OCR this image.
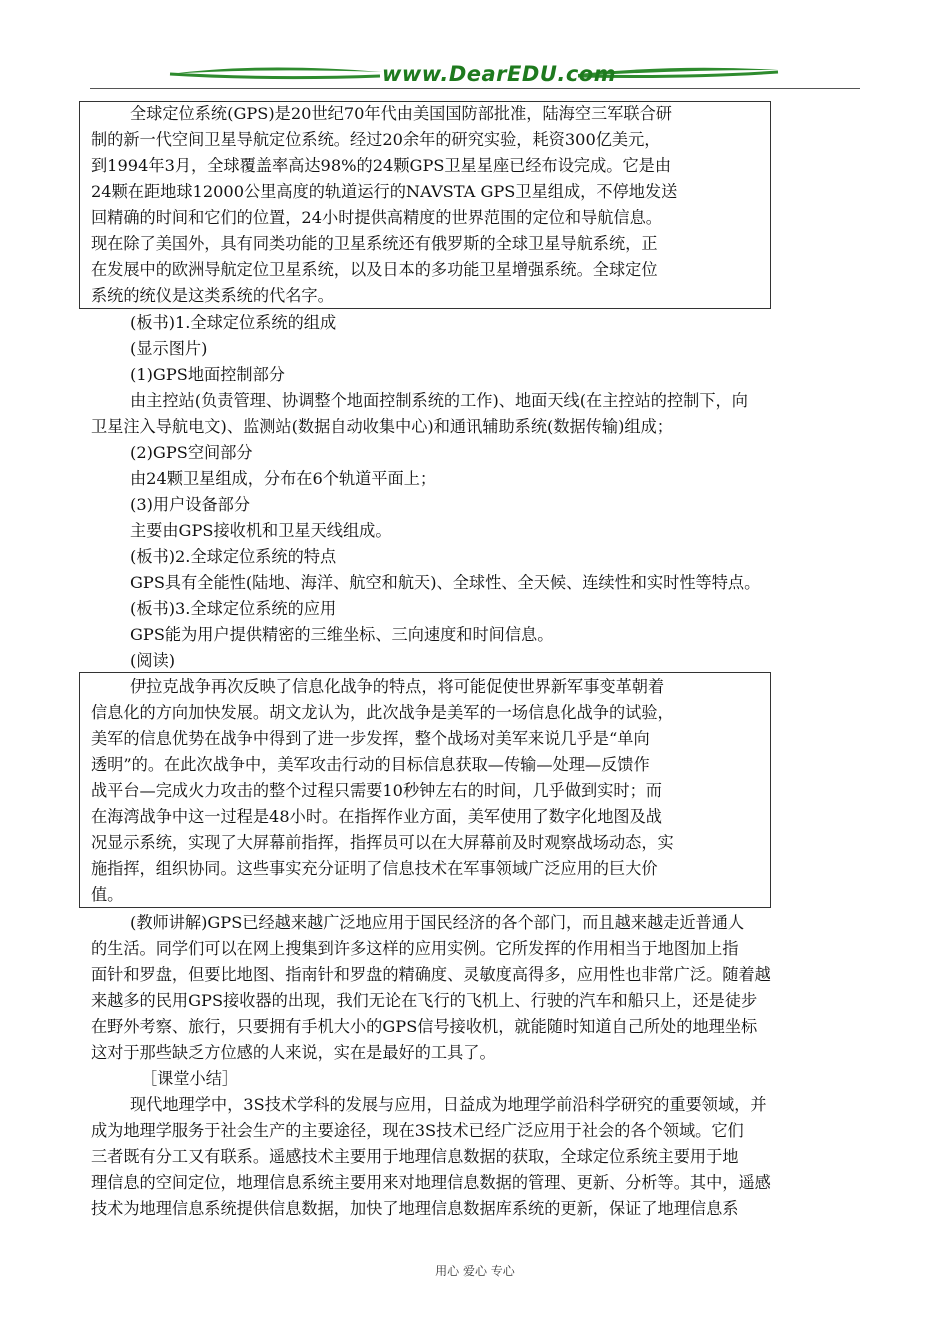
www.DearEDU.com
全球定位系统(GPS)是20世纪70年代由美国国防部批准，陆海空三军联合研
制的新一代空间卫星导航定位系统。经过20余年的研究实验，耗资300亿美元，
到1994年3月，全球覆盖率高达98%的24颗GPS卫星星座已经布设完成。它是由
24颗在距地球12000公里高度的轨道运行的NAVSTA GPS卫星组成，不停地发送
回精确的时间和它们的位置，24小时提供高精度的世界范围的定位和导航信息。
现在除了美国外，具有同类功能的卫星系统还有俄罗斯的全球卫星导航系统，正
在发展中的欧洲导航定位卫星系统，以及日本的多功能卫星增强系统。全球定位
系统的统仪是这类系统的代名字。
(板书)1.全球定位系统的组成
(显示图片)
(1)GPS地面控制部分
由主控站(负责管理、协调整个地面控制系统的工作)、地面天线(在主控站的控制下，向
卫星注入导航电文)、监测站(数据自动收集中心)和通讯辅助系统(数据传输)组成；
(2)GPS空间部分
由24颗卫星组成，分布在6个轨道平面上；
(3)用户设备部分
主要由GPS接收机和卫星天线组成。
(板书)2.全球定位系统的特点
GPS具有全能性(陆地、海洋、航空和航天)、全球性、全天候、连续性和实时性等特点。
(板书)3.全球定位系统的应用
GPS能为用户提供精密的三维坐标、三向速度和时间信息。
(阅读)
伊拉克战争再次反映了信息化战争的特点，将可能促使世界新军事变革朝着
信息化的方向加快发展。胡文龙认为，此次战争是美军的一场信息化战争的试验，
美军的信息优势在战争中得到了进一步发挥，整个战场对美军来说几乎是“单向
透明”的。在此次战争中，美军攻击行动的目标信息获取—传输—处理—反馈作
战平台—完成火力攻击的整个过程只需要10秒钟左右的时间，几乎做到实时；而
在海湾战争中这一过程是48小时。在指挥作业方面，美军使用了数字化地图及战
况显示系统，实现了大屏幕前指挥，指挥员可以在大屏幕前及时观察战场动态，实
施指挥，组织协同。这些事实充分证明了信息技术在军事领域广泛应用的巨大价
值。
(教师讲解)GPS已经越来越广泛地应用于国民经济的各个部门，而且越来越走近普通人
的生活。同学们可以在网上搜集到许多这样的应用实例。它所发挥的作用相当于地图加上指
面针和罗盘，但要比地图、指南针和罗盘的精确度、灵敏度高得多，应用性也非常广泛。随着越
来越多的民用GPS接收器的出现，我们无论在飞行的飞机上、行驶的汽车和船只上，还是徒步
在野外考察、旅行，只要拥有手机大小的GPS信号接收机，就能随时知道自己所处的地理坐标
这对于那些缺乏方位感的人来说，实在是最好的工具了。
［课堂小结］
现代地理学中，3S技术学科的发展与应用，日益成为地理学前沿科学研究的重要领域，并
成为地理学服务于社会生产的主要途径，现在3S技术已经广泛应用于社会的各个领域。它们
三者既有分工又有联系。遥感技术主要用于地理信息数据的获取，全球定位系统主要用于地
理信息的空间定位，地理信息系统主要用来对地理信息数据的管理、更新、分析等。其中，遥感
技术为地理信息系统提供信息数据，加快了地理信息数据库系统的更新，保证了地理信息系
用心 爱心 专心
